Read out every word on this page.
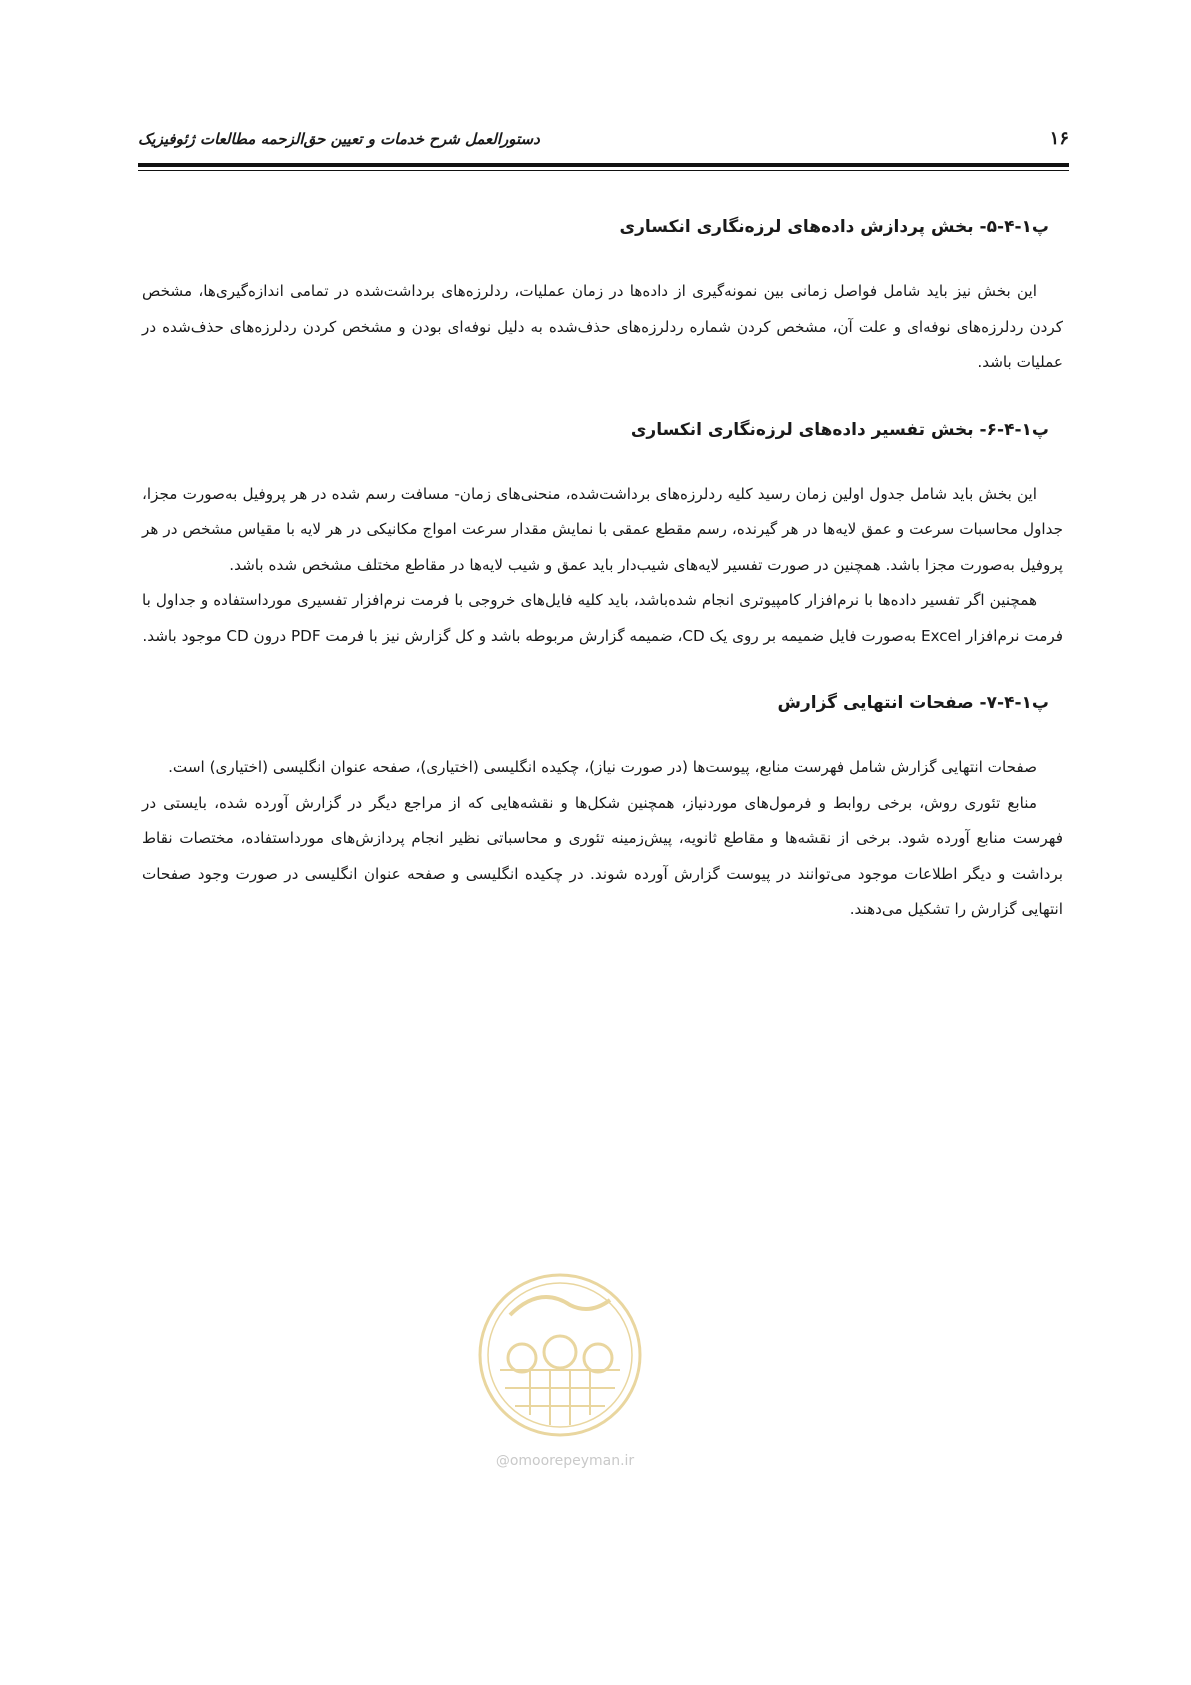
۱۶
دستورالعمل شرح خدمات و تعیین حق‌الزحمه مطالعات ژئوفیزیک
پ۱-۴-۵- بخش پردازش داده‌های لرزه‌نگاری انکساری

این بخش نیز باید شامل فواصل زمانی بین نمونه‌گیری از داده‌ها در زمان عملیات، ردلرزه‌های برداشت‌شده در تمامی اندازه‌گیری‌ها، مشخص کردن ردلرزه‌های نوفه‌ای و علت آن، مشخص کردن شماره ردلرزه‌های حذف‌شده به دلیل نوفه‌ای بودن و مشخص کردن ردلرزه‌های حذف‌شده در عملیات باشد.

پ۱-۴-۶- بخش تفسیر داده‌های لرزه‌نگاری انکساری

این بخش باید شامل جدول اولین زمان رسید کلیه ردلرزه‌های برداشت‌شده، منحنی‌های زمان- مسافت رسم شده در هر پروفیل به‌صورت مجزا، جداول محاسبات سرعت و عمق لایه‌ها در هر گیرنده، رسم مقطع عمقی با نمایش مقدار سرعت امواج مکانیکی در هر لایه با مقیاس مشخص در هر پروفیل به‌صورت مجزا باشد. همچنین در صورت تفسیر لایه‌های شیب‌دار باید عمق و شیب لایه‌ها در مقاطع مختلف مشخص شده باشد.

همچنین اگر تفسیر داده‌ها با نرم‌افزار کامپیوتری انجام شده‌باشد، باید کلیه فایل‌های خروجی با فرمت نرم‌افزار تفسیری مورداستفاده و جداول با فرمت نرم‌افزار Excel به‌صورت فایل ضمیمه بر روی یک CD، ضمیمه گزارش مربوطه باشد و کل گزارش نیز با فرمت PDF درون CD موجود باشد.

پ۱-۴-۷- صفحات انتهایی گزارش

صفحات انتهایی گزارش شامل فهرست منابع، پیوست‌ها (در صورت نیاز)، چکیده انگلیسی (اختیاری)، صفحه عنوان انگلیسی (اختیاری) است.

منابع تئوری روش، برخی روابط و فرمول‌های موردنیاز، همچنین شکل‌ها و نقشه‌هایی که از مراجع دیگر در گزارش آورده شده، بایستی در فهرست منابع آورده شود. برخی از نقشه‌ها و مقاطع ثانویه، پیش‌زمینه تئوری و محاسباتی نظیر انجام پردازش‌های مورداستفاده، مختصات نقاط برداشت و دیگر اطلاعات موجود می‌توانند در پیوست گزارش آورده شوند. در چکیده انگلیسی و صفحه عنوان انگلیسی در صورت وجود صفحات انتهایی گزارش را تشکیل می‌دهند.

@omoorepeyman.ir
